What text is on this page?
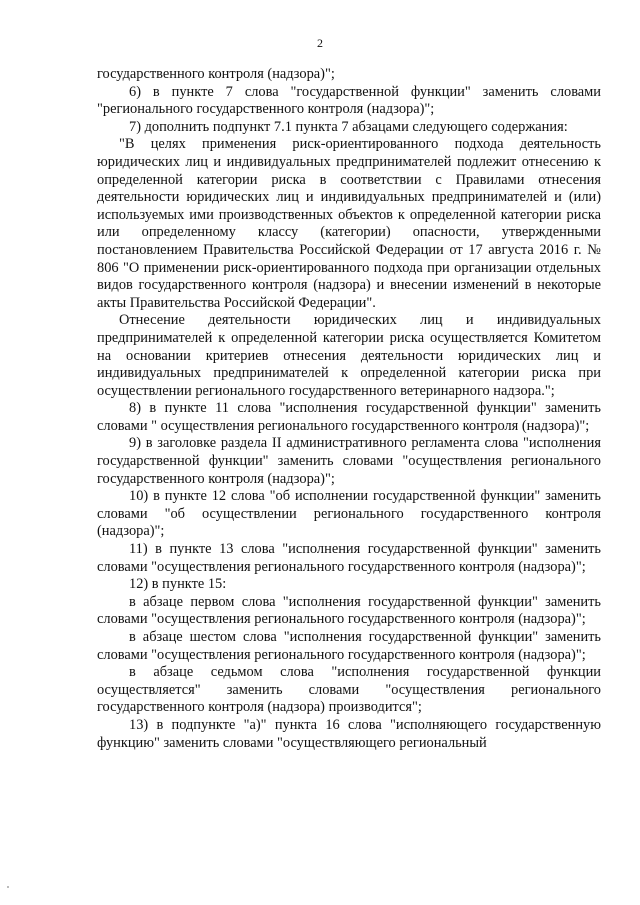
2

государственного контроля (надзора)";

6) в пункте 7 слова "государственной функции" заменить словами "регионального государственного контроля (надзора)";

7) дополнить подпункт 7.1 пункта 7 абзацами следующего содержания:

"В целях применения риск-ориентированного подхода деятельность юридических лиц и индивидуальных предпринимателей подлежит отнесению к определенной категории риска в соответствии с Правилами отнесения деятельности юридических лиц и индивидуальных предпринимателей и (или) используемых ими производственных объектов к определенной категории риска или определенному классу (категории) опасности, утвержденными постановлением Правительства Российской Федерации от 17 августа 2016 г. № 806 "О применении риск-ориентированного подхода при организации отдельных видов государственного контроля (надзора) и внесении изменений в некоторые акты Правительства Российской Федерации".

Отнесение деятельности юридических лиц и индивидуальных предпринимателей к определенной категории риска осуществляется Комитетом на основании критериев отнесения деятельности юридических лиц и индивидуальных предпринимателей к определенной категории риска при осуществлении регионального государственного ветеринарного надзора.";

8) в пункте 11 слова "исполнения государственной функции" заменить словами " осуществления регионального государственного контроля (надзора)";

9) в заголовке раздела II административного регламента слова "исполнения государственной функции" заменить словами "осуществления регионального государственного контроля (надзора)";

10) в пункте 12 слова "об исполнении государственной функции" заменить словами "об осуществлении регионального государственного контроля (надзора)";

11) в пункте 13 слова "исполнения государственной функции" заменить словами "осуществления регионального государственного контроля (надзора)";

12) в пункте 15:

в абзаце первом слова "исполнения государственной функции" заменить словами "осуществления регионального государственного контроля (надзора)";

в абзаце шестом слова "исполнения государственной функции" заменить словами "осуществления регионального государственного контроля (надзора)";

в абзаце седьмом слова "исполнения государственной функции осуществляется" заменить словами "осуществления регионального государственного контроля (надзора) производится";

13) в подпункте "а)" пункта 16 слова "исполняющего государственную функцию" заменить словами "осуществляющего региональный
